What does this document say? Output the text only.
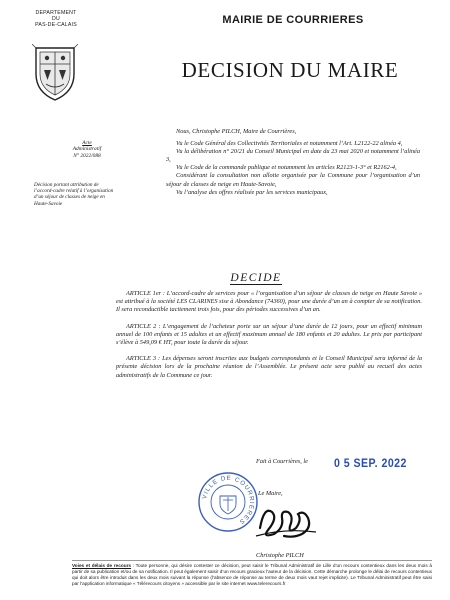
DEPARTEMENT
DU
PAS-DE-CALAIS
Acte
Administratif
N° 2022/088
Décision portant attribution de l’accord-cadre relatif à l’organisation d’un séjour de classes de neige en Haute-Savoie
MAIRIE DE COURRIERES
DECISION DU MAIRE

Nous, Christophe PILCH, Maire de Courrières,

Vu le Code Général des Collectivités Territoriales et notamment l’Art. L2122-22 alinéa 4,

Vu la délibération n° 20/21 du Conseil Municipal en date du 23 mai 2020 et notamment l’alinéa 3,

Vu le Code de la commande publique et notamment les articles R2123-1-3° et R2162-4,

Considérant la consultation non allotie organisée par la Commune pour l’organisation d’un séjour de classes de neige en Haute-Savoie,

Vu l’analyse des offres réalisée par les services municipaux,

DECIDE

ARTICLE 1er : L’accord-cadre de services pour « l’organisation d’un séjour de classes de neige en Haute Savoie » est attribué à la société LES CLARINES sise à Abondance (74360), pour une durée d’un an à compter de sa notification. Il sera reconductible tacitement trois fois, pour des périodes successives d’un an.

ARTICLE 2 : L’engagement de l’acheteur porte sur un séjour d’une durée de 12 jours, pour un effectif minimum annuel de 100 enfants et 15 adultes et un effectif maximum annuel de 180 enfants et 20 adultes. Le prix par participant s’élève à 549,09 € HT, pour toute la durée du séjour.

ARTICLE 3 : Les dépenses seront inscrites aux budgets correspondants et le Conseil Municipal sera informé de la présente décision lors de la prochaine réunion de l’Assemblée. Le présent acte sera publié au recueil des actes administratifs de la Commune ce jour.

Fait à Courrières, le 0 5 SEP. 2022
Le Maire,
Christophe PILCH
VILLE DE COURRIERES
Voies et délais de recours : Toute personne, qui désire contester ce décision, peut saisir le Tribunal Administratif de Lille d’un recours contentieux dans les deux mois à partir de sa publication et/ou de sa notification. Il peut également saisir d’un recours gracieux l’auteur de la décision. Cette démarche prolonge le délai de recours contentieux qui doit alors être introduit dans les deux mois suivant la réponse (l’absence de réponse au terme de deux mois vaut rejet implicite). Le Tribunal Administratif peut être saisi par l’application informatique « Télérecours citoyens » accessible par le site internet www.telerecours.fr
